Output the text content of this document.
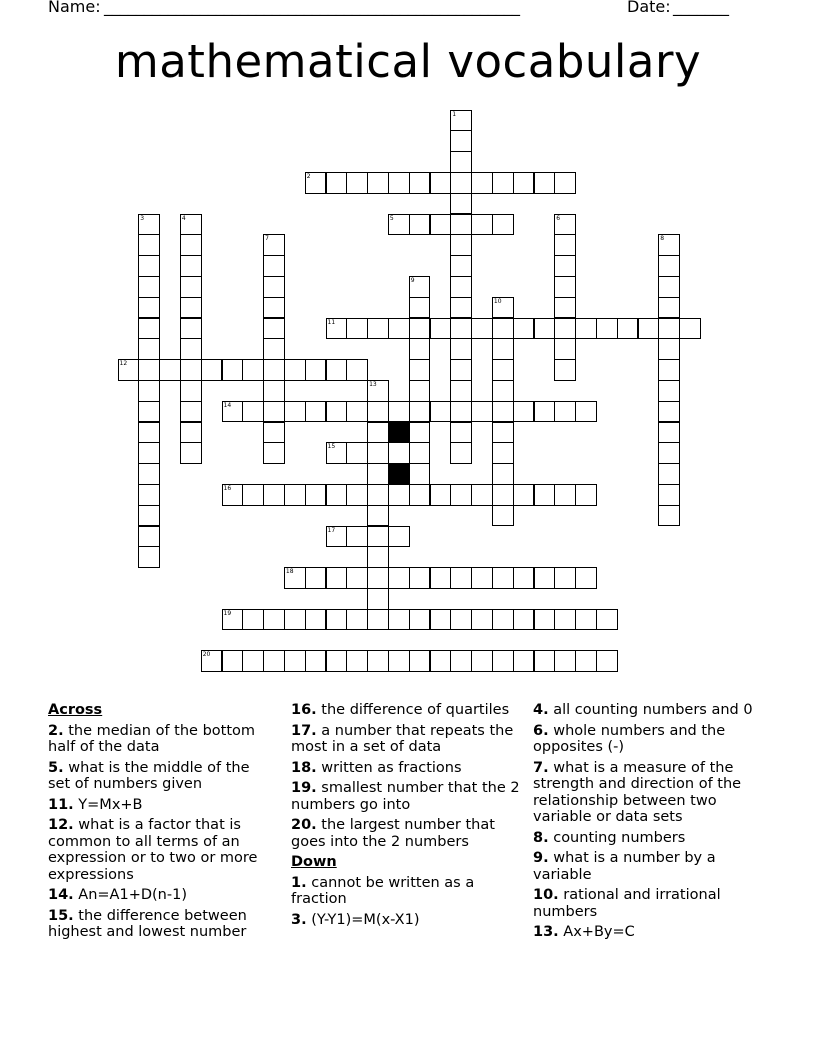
Name: ____________________________________________________	Date: _______
mathematical vocabulary
1
2
3	4	5	6
7	8
9
10
11
12
13
14
15
16
17
18
19
20
Across
2. the median of the bottom half of the data
5. what is the middle of the set of numbers given
11. Y=Mx+B
12. what is a factor that is common to all terms of an expression or to two or more expressions
14. An=A1+D(n-1)
15. the difference between highest and lowest number
16. the difference of quartiles
17. a number that repeats the most in a set of data
18. written as fractions
19. smallest number that the 2 numbers go into
20. the largest number that goes into the 2 numbers
Down
1. cannot be written as a fraction
3. (Y-Y1)=M(x-X1)
4. all counting numbers and 0
6. whole numbers and the opposites (-)
7. what is a measure of the strength and direction of the relationship between two variable or data sets
8. counting numbers
9. what is a number by a variable
10. rational and irrational numbers
13. Ax+By=C
